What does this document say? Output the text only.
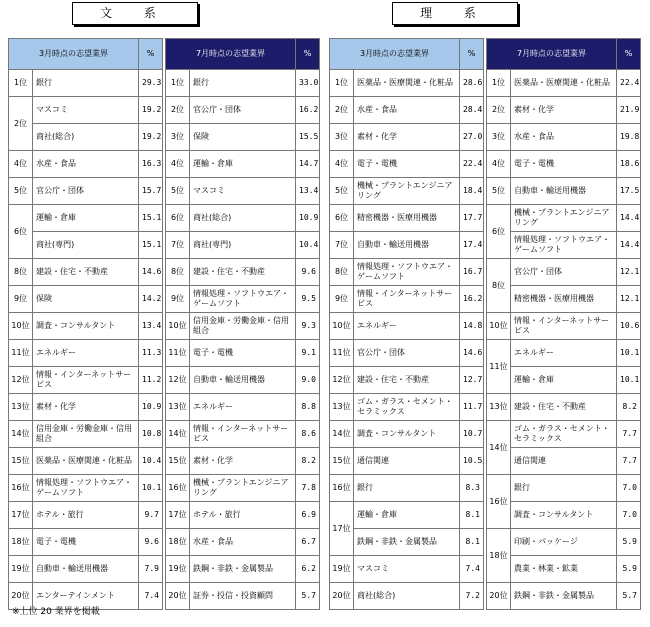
文 系	理 系
3月時点の志望業界		%
1位	銀行	29.3
2位	マスコミ	19.2
	商社(総合)	19.2
4位	水産・食品	16.3
5位	官公庁・団体	15.7
6位	運輸・倉庫	15.1
	商社(専門)	15.1
8位	建設・住宅・不動産	14.6
9位	保険	14.2
10位	調査・コンサルタント	13.4
11位	エネルギー	11.3
12位	情報・インターネットサービス	11.2
13位	素材・化学	10.9
14位	信用金庫・労働金庫・信用組合	10.8
15位	医薬品・医療関連・化粧品	10.4
16位	情報処理・ソフトウエア・ゲームソフト	10.1
17位	ホテル・旅行	9.7
18位	電子・電機	9.6
19位	自動車・輸送用機器	7.9
20位	エンターテインメント	7.4
7月時点の志望業界		%
1位	銀行	33.0
2位	官公庁・団体	16.2
3位	保険	15.5
4位	運輸・倉庫	14.7
5位	マスコミ	13.4
6位	商社(総合)	10.9
7位	商社(専門)	10.4
8位	建設・住宅・不動産	9.6
9位	情報処理・ソフトウエア・ゲームソフト	9.5
10位	信用金庫・労働金庫・信用組合	9.3
11位	電子・電機	9.1
12位	自動車・輸送用機器	9.0
13位	エネルギー	8.8
14位	情報・インターネットサービス	8.6
15位	素材・化学	8.2
16位	機械・プラントエンジニアリング	7.8
17位	ホテル・旅行	6.9
18位	水産・食品	6.7
19位	鉄鋼・非鉄・金属製品	6.2
20位	証券・投信・投資顧問	5.7
3月時点の志望業界		%
1位	医薬品・医療関連・化粧品	28.6
2位	水産・食品	28.4
3位	素材・化学	27.0
4位	電子・電機	22.4
5位	機械・プラントエンジニアリング	18.4
6位	精密機器・医療用機器	17.7
7位	自動車・輸送用機器	17.4
8位	情報処理・ソフトウエア・ゲームソフト	16.7
9位	情報・インターネットサービス	16.2
10位	エネルギー	14.8
11位	官公庁・団体	14.6
12位	建設・住宅・不動産	12.7
13位	ゴム・ガラス・セメント・セラミックス	11.7
14位	調査・コンサルタント	10.7
15位	通信関連	10.5
16位	銀行	8.3
17位	運輸・倉庫	8.1
	鉄鋼・非鉄・金属製品	8.1
19位	マスコミ	7.4
20位	商社(総合)	7.2
7月時点の志望業界		%
1位	医薬品・医療関連・化粧品	22.4
2位	素材・化学	21.9
3位	水産・食品	19.8
4位	電子・電機	18.6
5位	自動車・輸送用機器	17.5
6位	機械・プラントエンジニアリング	14.4
	情報処理・ソフトウエア・ゲームソフト	14.4
8位	官公庁・団体	12.1
	精密機器・医療用機器	12.1
10位	情報・インターネットサービス	10.6
11位	エネルギー	10.1
	運輸・倉庫	10.1
13位	建設・住宅・不動産	8.2
14位	ゴム・ガラス・セメント・セラミックス	7.7
	通信関連	7.7
16位	銀行	7.0
	調査・コンサルタント	7.0
18位	印刷・パッケージ	5.9
	農業・林業・鉱業	5.9
20位	鉄鋼・非鉄・金属製品	5.7
※上位 20 業界を掲載
